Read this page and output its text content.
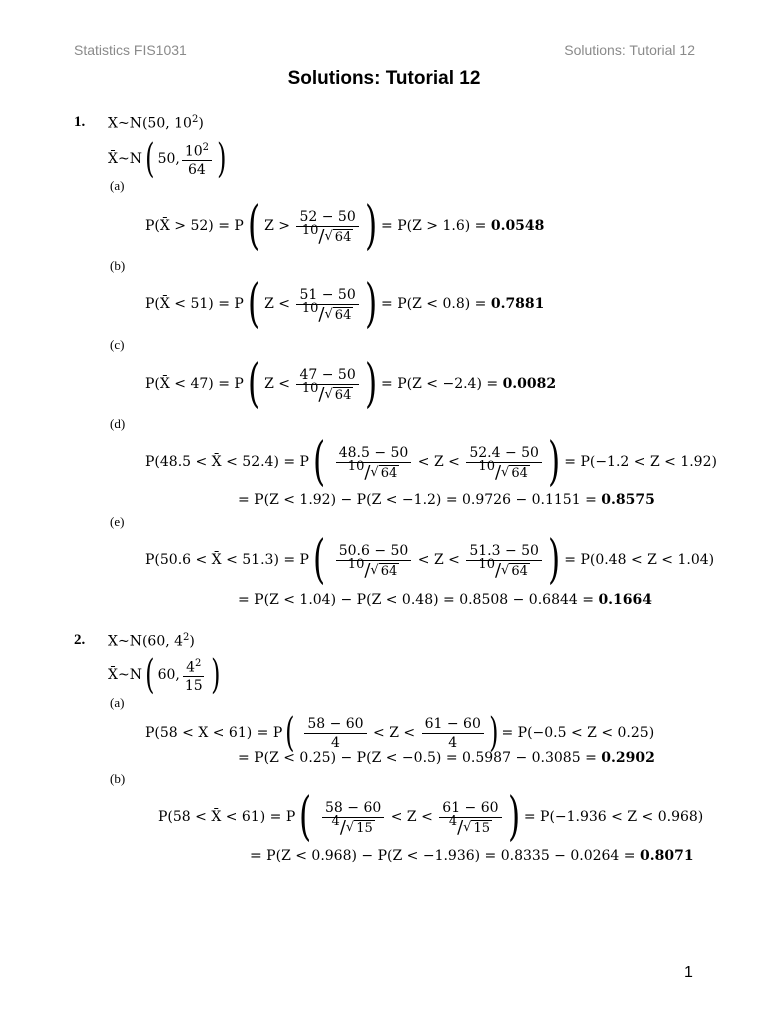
Statistics FIS1031	Solutions: Tutorial 12
Solutions: Tutorial 12
1. X~N(50, $10^2$)
X̄~N( 50, $\frac{10^2}{64}$ )
(a)
P(X̄ > 52) = P( $Z > \frac{52 - 50}{10 / √ 64}$ ) = P(Z > 1.6) = 0.0548
(b)
P(X̄ < 51) = P( $Z < \frac{51 - 50}{10 / √ 64}$ ) = P(Z < 0.8) = 0.7881
(c)
P(X̄ < 47) = P( $Z < \frac{47 - 50}{10 / √ 64}$ ) = P(Z < −2.4) = 0.0082
(d)
P(48.5 < X̄ < $52.4) = P( \frac{48.5 - 50}{10 / √ 64} < Z < \frac{52.4 - 50}{10 / √ 64}$ ) = P(−1.2 < Z < 1.92)
= P(Z < 1.92) − P(Z < −1.2) = 0.9726 − 0.1151 = 0.8575
(e)
P(50.6 < X̄ < $51.3) = P( \frac{50.6 - 50}{10 / √ 64} < Z < \frac{51.3 - 50}{10 / √ 64}$ ) = P(0.48 < Z < 1.04)
= P(Z < 1.04) − P(Z < 0.48) = 0.8508 − 0.6844 = 0.1664
2. X~N(60, $4^2$)
X̄~N( 60, $\frac{4^2}{15}$ )
(a)
$P(58 < X < 61) = P( \frac{58 - 60}{4} < Z < \frac{61 - 60}{4}$ ) = P(−0.5 < Z < 0.25)
= P(Z < 0.25) − P(Z < −0.5) = 0.5987 − 0.3085 = 0.2902
(b)
P(58 < X̄ < $61) = P( \frac{58 - 60}{4 / √ 15} < Z < \frac{61 - 60}{4 / √ 15}$ ) = P(−1.936 < Z < 0.968)
= P(Z < 0.968) − P(Z < −1.936) = 0.8335 − 0.0264 = 0.8071
1
